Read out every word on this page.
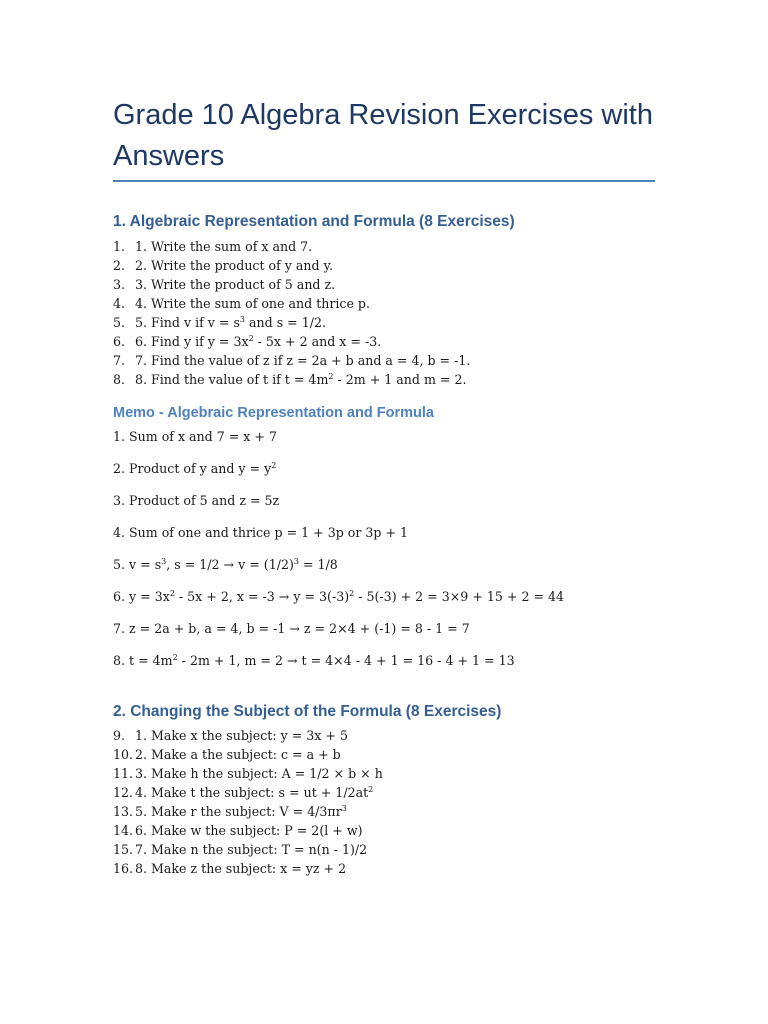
Grade 10 Algebra Revision Exercises with Answers
1. Algebraic Representation and Formula (8 Exercises)
1. 1. Write the sum of x and 7.
2. 2. Write the product of y and y.
3. 3. Write the product of 5 and z.
4. 4. Write the sum of one and thrice p.
5. 5. Find v if $v = s^3$ and s = 1/2.
6. 6. Find y if $y = 3x^2 - 5x + 2$ and x = -3.
7. 7. Find the value of z if z = 2a + b and a = 4, b = -1.
8. 8. Find the value of t if $t = 4m^2 - 2m + 1$ and m = 2.
Memo - Algebraic Representation and Formula
1. Sum of x and 7 = x + 7
2. Product of y and $y = y^2$
3. Product of 5 and z = 5z
4. Sum of one and thrice p = 1 + 3p or 3p + 1
5. $v = s^3$, $s = 1/2 \to v = (1/2)^3 = 1/8$
6. $y = 3x^2 - 5x + 2$, $x = -3 \to y = 3(-3)^2 - 5(-3) + 2 = 3\times 9 + 15 + 2 = 44$
7. z = 2a + b, a = 4, b = -1 → z = 2×4 + (-1) = 8 - 1 = 7
8. $t = 4m^2 - 2m + 1$, m = 2 → t = 4×4 - 4 + 1 = 16 - 4 + 1 = 13
2. Changing the Subject of the Formula (8 Exercises)
9. 1. Make x the subject: y = 3x + 5
10. 2. Make a the subject: c = a + b
11. 3. Make h the subject: A = 1/2 × b × h
12. 4. Make t the subject: s = ut + $1/2at^2$
13. 5. Make r the subject: $V = 4/3\pi r^3$
14. 6. Make w the subject: P = 2(l + w)
15. 7. Make n the subject: T = n(n - 1)/2
16. 8. Make z the subject: x = yz + 2
